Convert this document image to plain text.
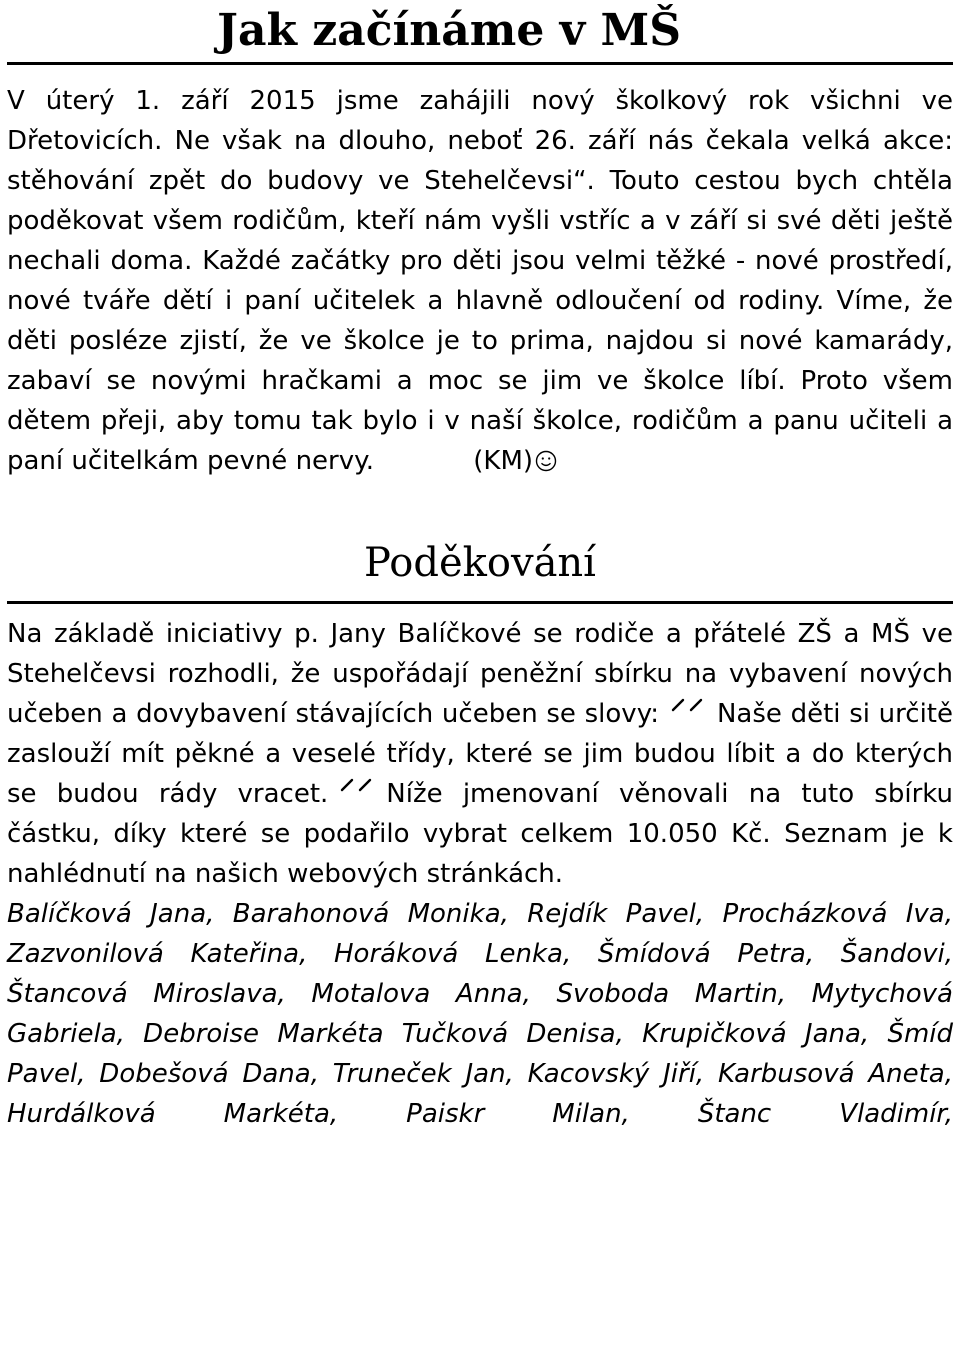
Jak začínáme v MŠ

V úterý 1. září 2015 jsme zahájili nový školkový rok všichni ve Dřetovicích. Ne však na dlouho, neboť 26. září nás čekala velká akce: stěhování zpět do budovy ve Stehelčevsi“. Touto cestou bych chtěla poděkovat všem rodičům, kteří nám vyšli vstříc a v září si své děti ještě nechali doma. Každé začátky pro děti jsou velmi těžké - nové prostředí, nové tváře dětí i paní učitelek a hlavně odloučení od rodiny. Víme, že děti posléze zjistí, že ve školce je to prima, najdou si nové kamarády, zabaví se novými hračkami a moc se jim ve školce líbí. Proto všem dětem přeji, aby tomu tak bylo i v naší školce, rodičům a panu učiteli a paní učitelkám pevné nervy.	(KM)

Poděkování

Na základě iniciativy p. Jany Balíčkové se rodiče a přátelé ZŠ a MŠ ve Stehelčevsi rozhodli, že uspořádají peněžní sbírku na vybavení nových učeben a dovybavení stávajících učeben se slovy: Naše děti si určitě zaslouží mít pěkné a veselé třídy, které se jim budou líbit a do kterých se budou rády vracet. Níže jmenovaní věnovali na tuto sbírku částku, díky které se podařilo vybrat celkem 10.050 Kč. Seznam je k nahlédnutí na našich webových stránkách.

Balíčková Jana, Barahonová Monika, Rejdík Pavel, Procházková Iva, Zazvonilová Kateřina, Horáková Lenka, Šmídová Petra, Šandovi, Štancová Miroslava, Motalova Anna, Svoboda Martin, Mytychová Gabriela, Debroise Markéta Tučková Denisa, Krupičková Jana, Šmíd Pavel, Dobešová Dana, Truneček Jan, Kacovský Jiří, Karbusová Aneta, Hurdálková Markéta, Paiskr Milan, Štanc Vladimír,
